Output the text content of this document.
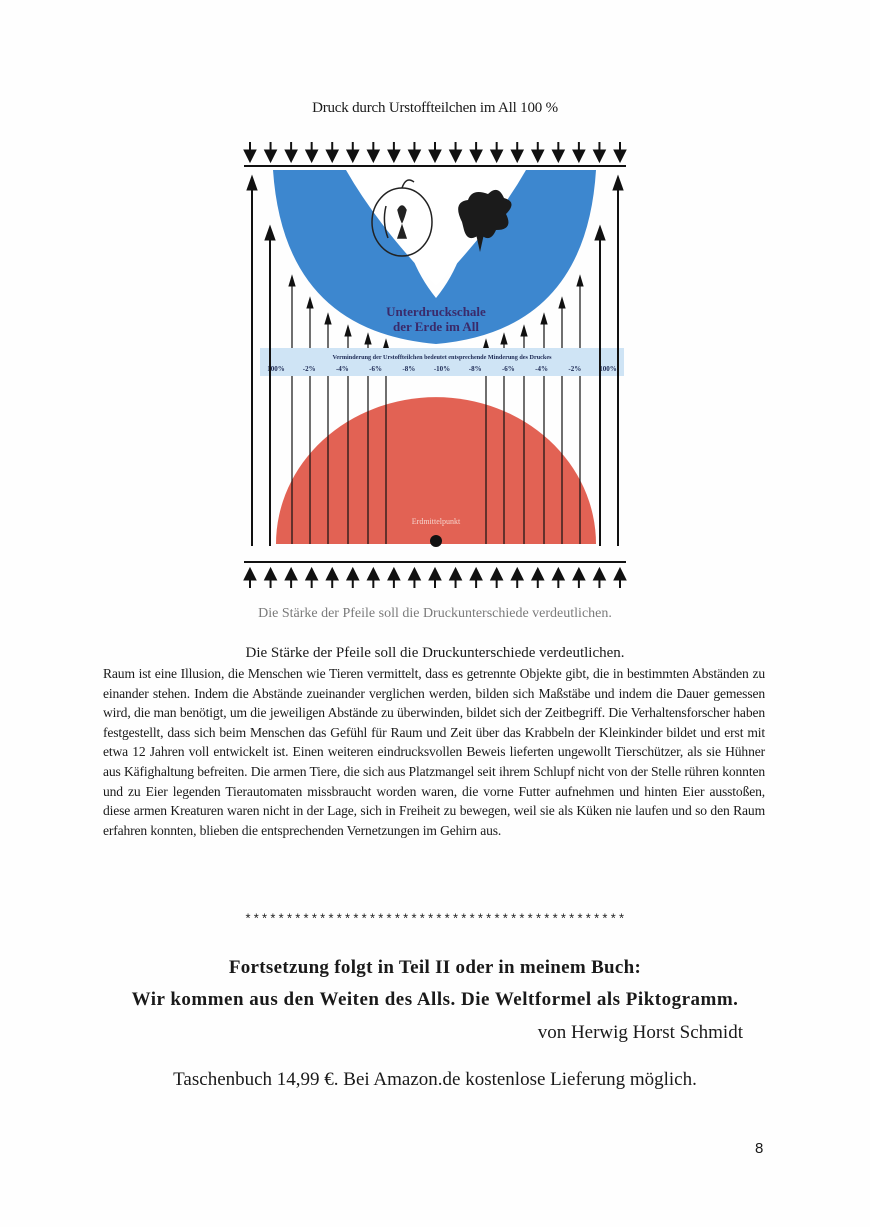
Druck durch Urstoffteilchen im All 100 %
Unterdruckschale
der Erde im All
Verminderung der Urstoffteilchen bedeutet entsprechende Minderung des Druckes
100%	-2%	-4%	-6%	-8%	-10%	-8%	-6%	-4%	-2%	100%
Erdmittelpunkt
Die Stärke der Pfeile soll die Druckunterschiede verdeutlichen.
Die Stärke der Pfeile soll die Druckunterschiede verdeutlichen.
Raum ist eine Illusion, die Menschen wie Tieren vermittelt, dass es getrennte Objekte gibt, die in bestimmten Abständen zu einander stehen. Indem die Abstände zueinander verglichen werden, bilden sich Maßstäbe und indem die Dauer gemessen wird, die man benötigt, um die jeweiligen Abstände zu überwinden, bildet sich der Zeitbegriff. Die Verhaltensforscher haben festgestellt, dass sich beim Menschen das Gefühl für Raum und Zeit über das Krabbeln der Kleinkinder bildet und erst mit etwa 12 Jahren voll entwickelt ist. Einen weiteren eindrucksvollen Beweis lieferten ungewollt Tierschützer, als sie Hühner aus Käfighaltung befreiten. Die armen Tiere, die sich aus Platzmangel seit ihrem Schlupf nicht von der Stelle rühren konnten und zu Eier legenden Tierautomaten missbraucht worden waren, die vorne Futter aufnehmen und hinten Eier ausstoßen, diese armen Kreaturen waren nicht in der Lage, sich in Freiheit zu bewegen, weil sie als Küken nie laufen und so den Raum erfahren konnten, blieben die entsprechenden Vernetzungen im Gehirn aus.
**********************************************
Fortsetzung folgt in Teil II oder in meinem Buch:
Wir kommen aus den Weiten des Alls. Die Weltformel als Piktogramm.
von Herwig Horst Schmidt
Taschenbuch 14,99 €. Bei Amazon.de kostenlose Lieferung möglich.
8
